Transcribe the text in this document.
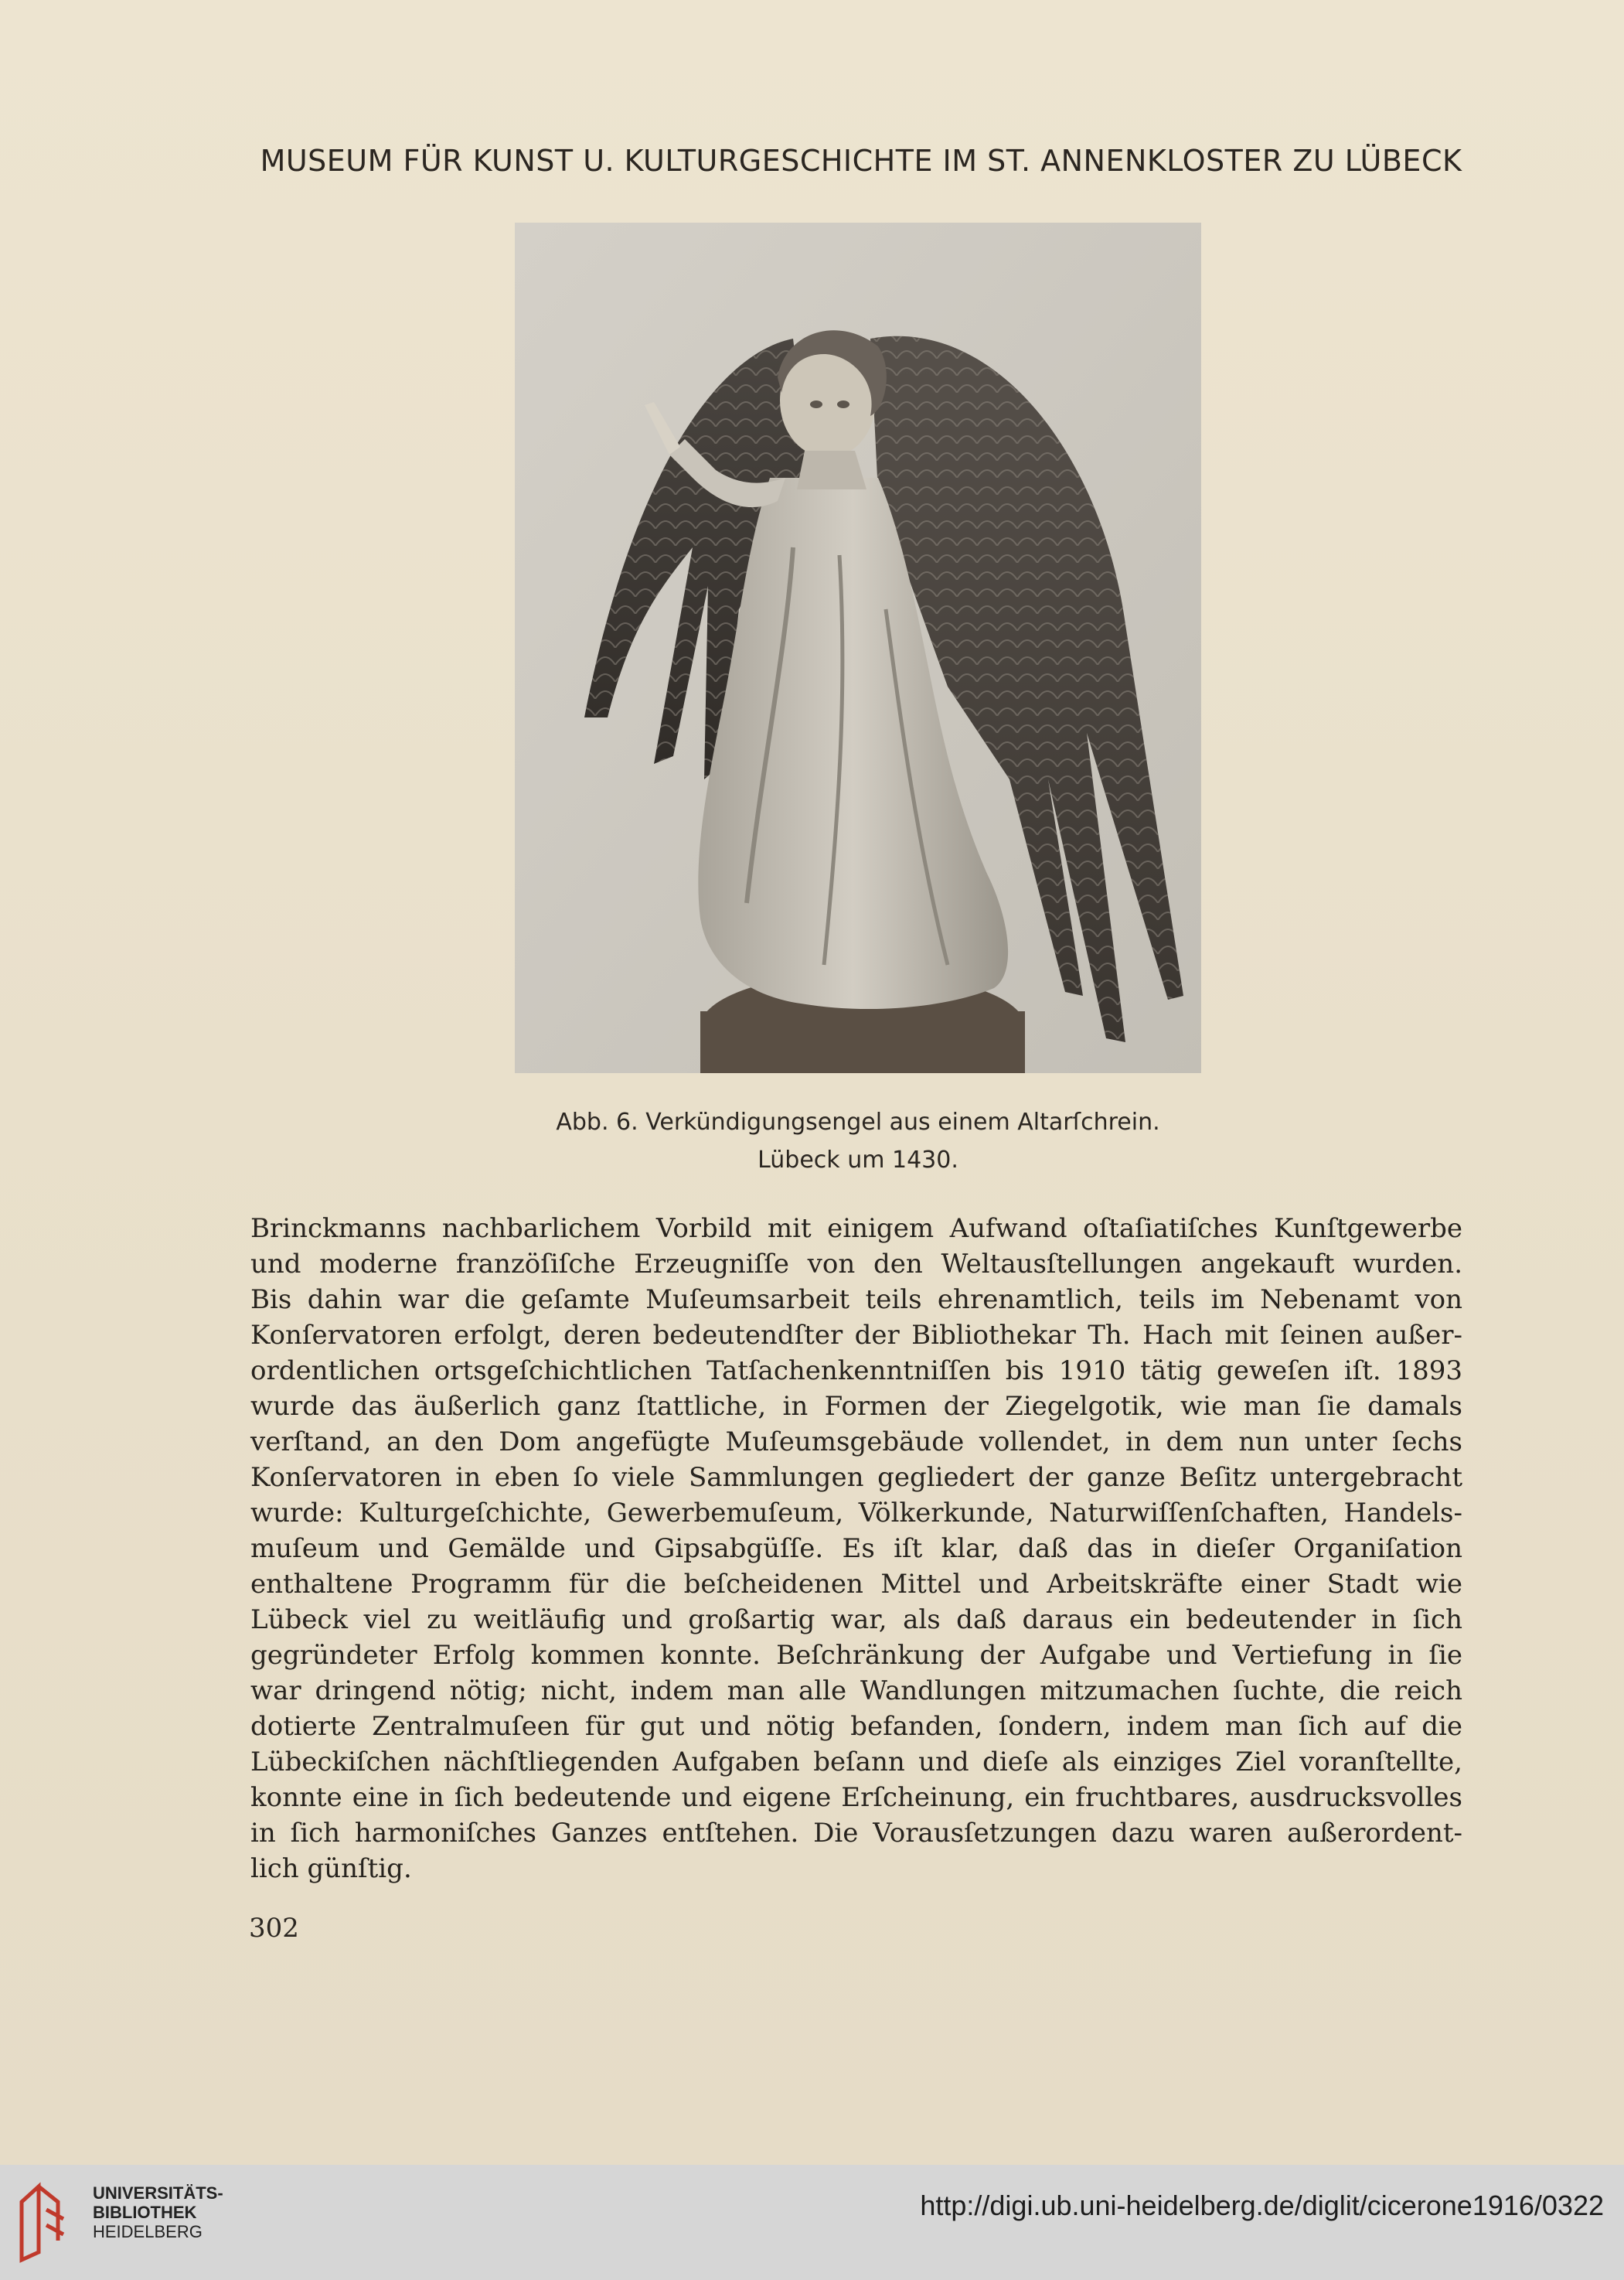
MUSEUM FÜR KUNST U. KULTURGESCHICHTE IM ST. ANNENKLOSTER ZU LÜBECK
Abb. 6. Verkündigungsengel aus einem Altarſchrein.
Lübeck um 1430.
Brinckmanns nachbarlichem Vorbild mit einigem Aufwand oſtaſiatiſches Kunſtgewerbe
und moderne franzöſiſche Erzeugniſſe von den Weltausſtellungen angekauft wurden.
Bis dahin war die geſamte Muſeumsarbeit teils ehrenamtlich, teils im Nebenamt von
Konſervatoren erfolgt, deren bedeutendſter der Bibliothekar Th. Hach mit ſeinen außer-
ordentlichen ortsgeſchichtlichen Tatſachenkenntniſſen bis 1910 tätig geweſen iſt. 1893
wurde das äußerlich ganz ſtattliche, in Formen der Ziegelgotik, wie man ſie damals
verſtand, an den Dom angefügte Muſeumsgebäude vollendet, in dem nun unter ſechs
Konſervatoren in eben ſo viele Sammlungen gegliedert der ganze Beſitz untergebracht
wurde: Kulturgeſchichte, Gewerbemuſeum, Völkerkunde, Naturwiſſenſchaften, Handels-
muſeum und Gemälde und Gipsabgüſſe. Es iſt klar, daß das in dieſer Organiſation
enthaltene Programm für die beſcheidenen Mittel und Arbeitskräfte einer Stadt wie
Lübeck viel zu weitläufig und großartig war, als daß daraus ein bedeutender in ſich
gegründeter Erfolg kommen konnte. Beſchränkung der Aufgabe und Vertiefung in ſie
war dringend nötig; nicht, indem man alle Wandlungen mitzumachen ſuchte, die reich
dotierte Zentralmuſeen für gut und nötig befanden, ſondern, indem man ſich auf die
Lübeckiſchen nächſtliegenden Aufgaben beſann und dieſe als einziges Ziel voranſtellte,
konnte eine in ſich bedeutende und eigene Erſcheinung, ein fruchtbares, ausdrucksvolles
in ſich harmoniſches Ganzes entſtehen. Die Vorausſetzungen dazu waren außerordent-
lich günſtig.
302
UNIVERSITÄTS-
BIBLIOTHEK
HEIDELBERG
http://digi.ub.uni-heidelberg.de/diglit/cicerone1916/0322
